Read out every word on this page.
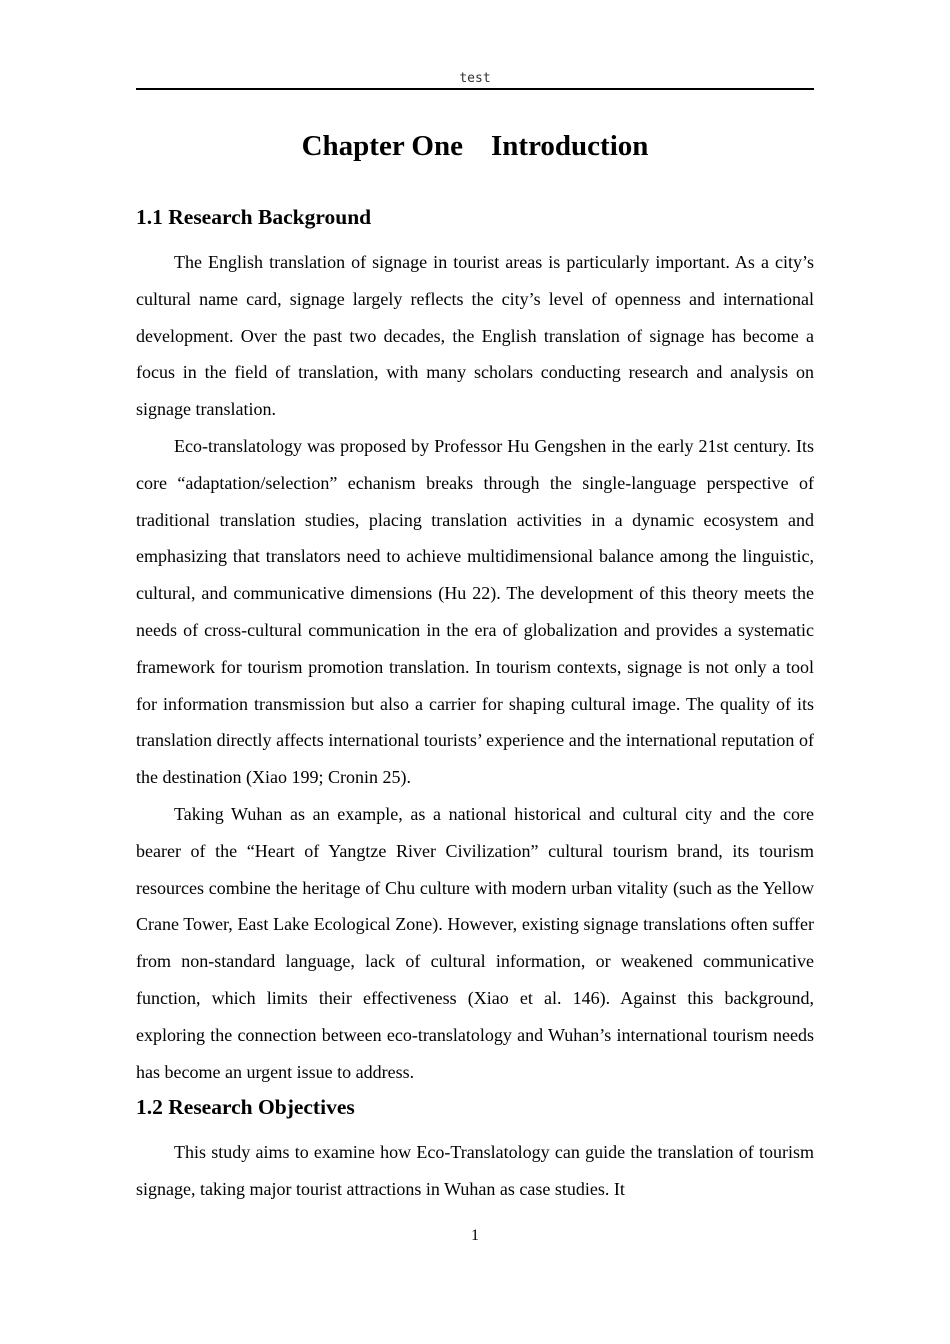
test
Chapter One Introduction
1.1 Research Background

The English translation of signage in tourist areas is particularly important. As a city’s cultural name card, signage largely reflects the city’s level of openness and international development. Over the past two decades, the English translation of signage has become a focus in the field of translation, with many scholars conducting research and analysis on signage translation.

Eco-translatology was proposed by Professor Hu Gengshen in the early 21st century. Its core “adaptation/selection” echanism breaks through the single-language perspective of traditional translation studies, placing translation activities in a dynamic ecosystem and emphasizing that translators need to achieve multidimensional balance among the linguistic, cultural, and communicative dimensions (Hu 22). The development of this theory meets the needs of cross-cultural communication in the era of globalization and provides a systematic framework for tourism promotion translation. In tourism contexts, signage is not only a tool for information transmission but also a carrier for shaping cultural image. The quality of its translation directly affects international tourists’ experience and the international reputation of the destination (Xiao 199; Cronin 25).

Taking Wuhan as an example, as a national historical and cultural city and the core bearer of the “Heart of Yangtze River Civilization” cultural tourism brand, its tourism resources combine the heritage of Chu culture with modern urban vitality (such as the Yellow Crane Tower, East Lake Ecological Zone). However, existing signage translations often suffer from non-standard language, lack of cultural information, or weakened communicative function, which limits their effectiveness (Xiao et al. 146). Against this background, exploring the connection between eco-translatology and Wuhan’s international tourism needs has become an urgent issue to address.

1.2 Research Objectives

This study aims to examine how Eco-Translatology can guide the translation of tourism signage, taking major tourist attractions in Wuhan as case studies. It

1
